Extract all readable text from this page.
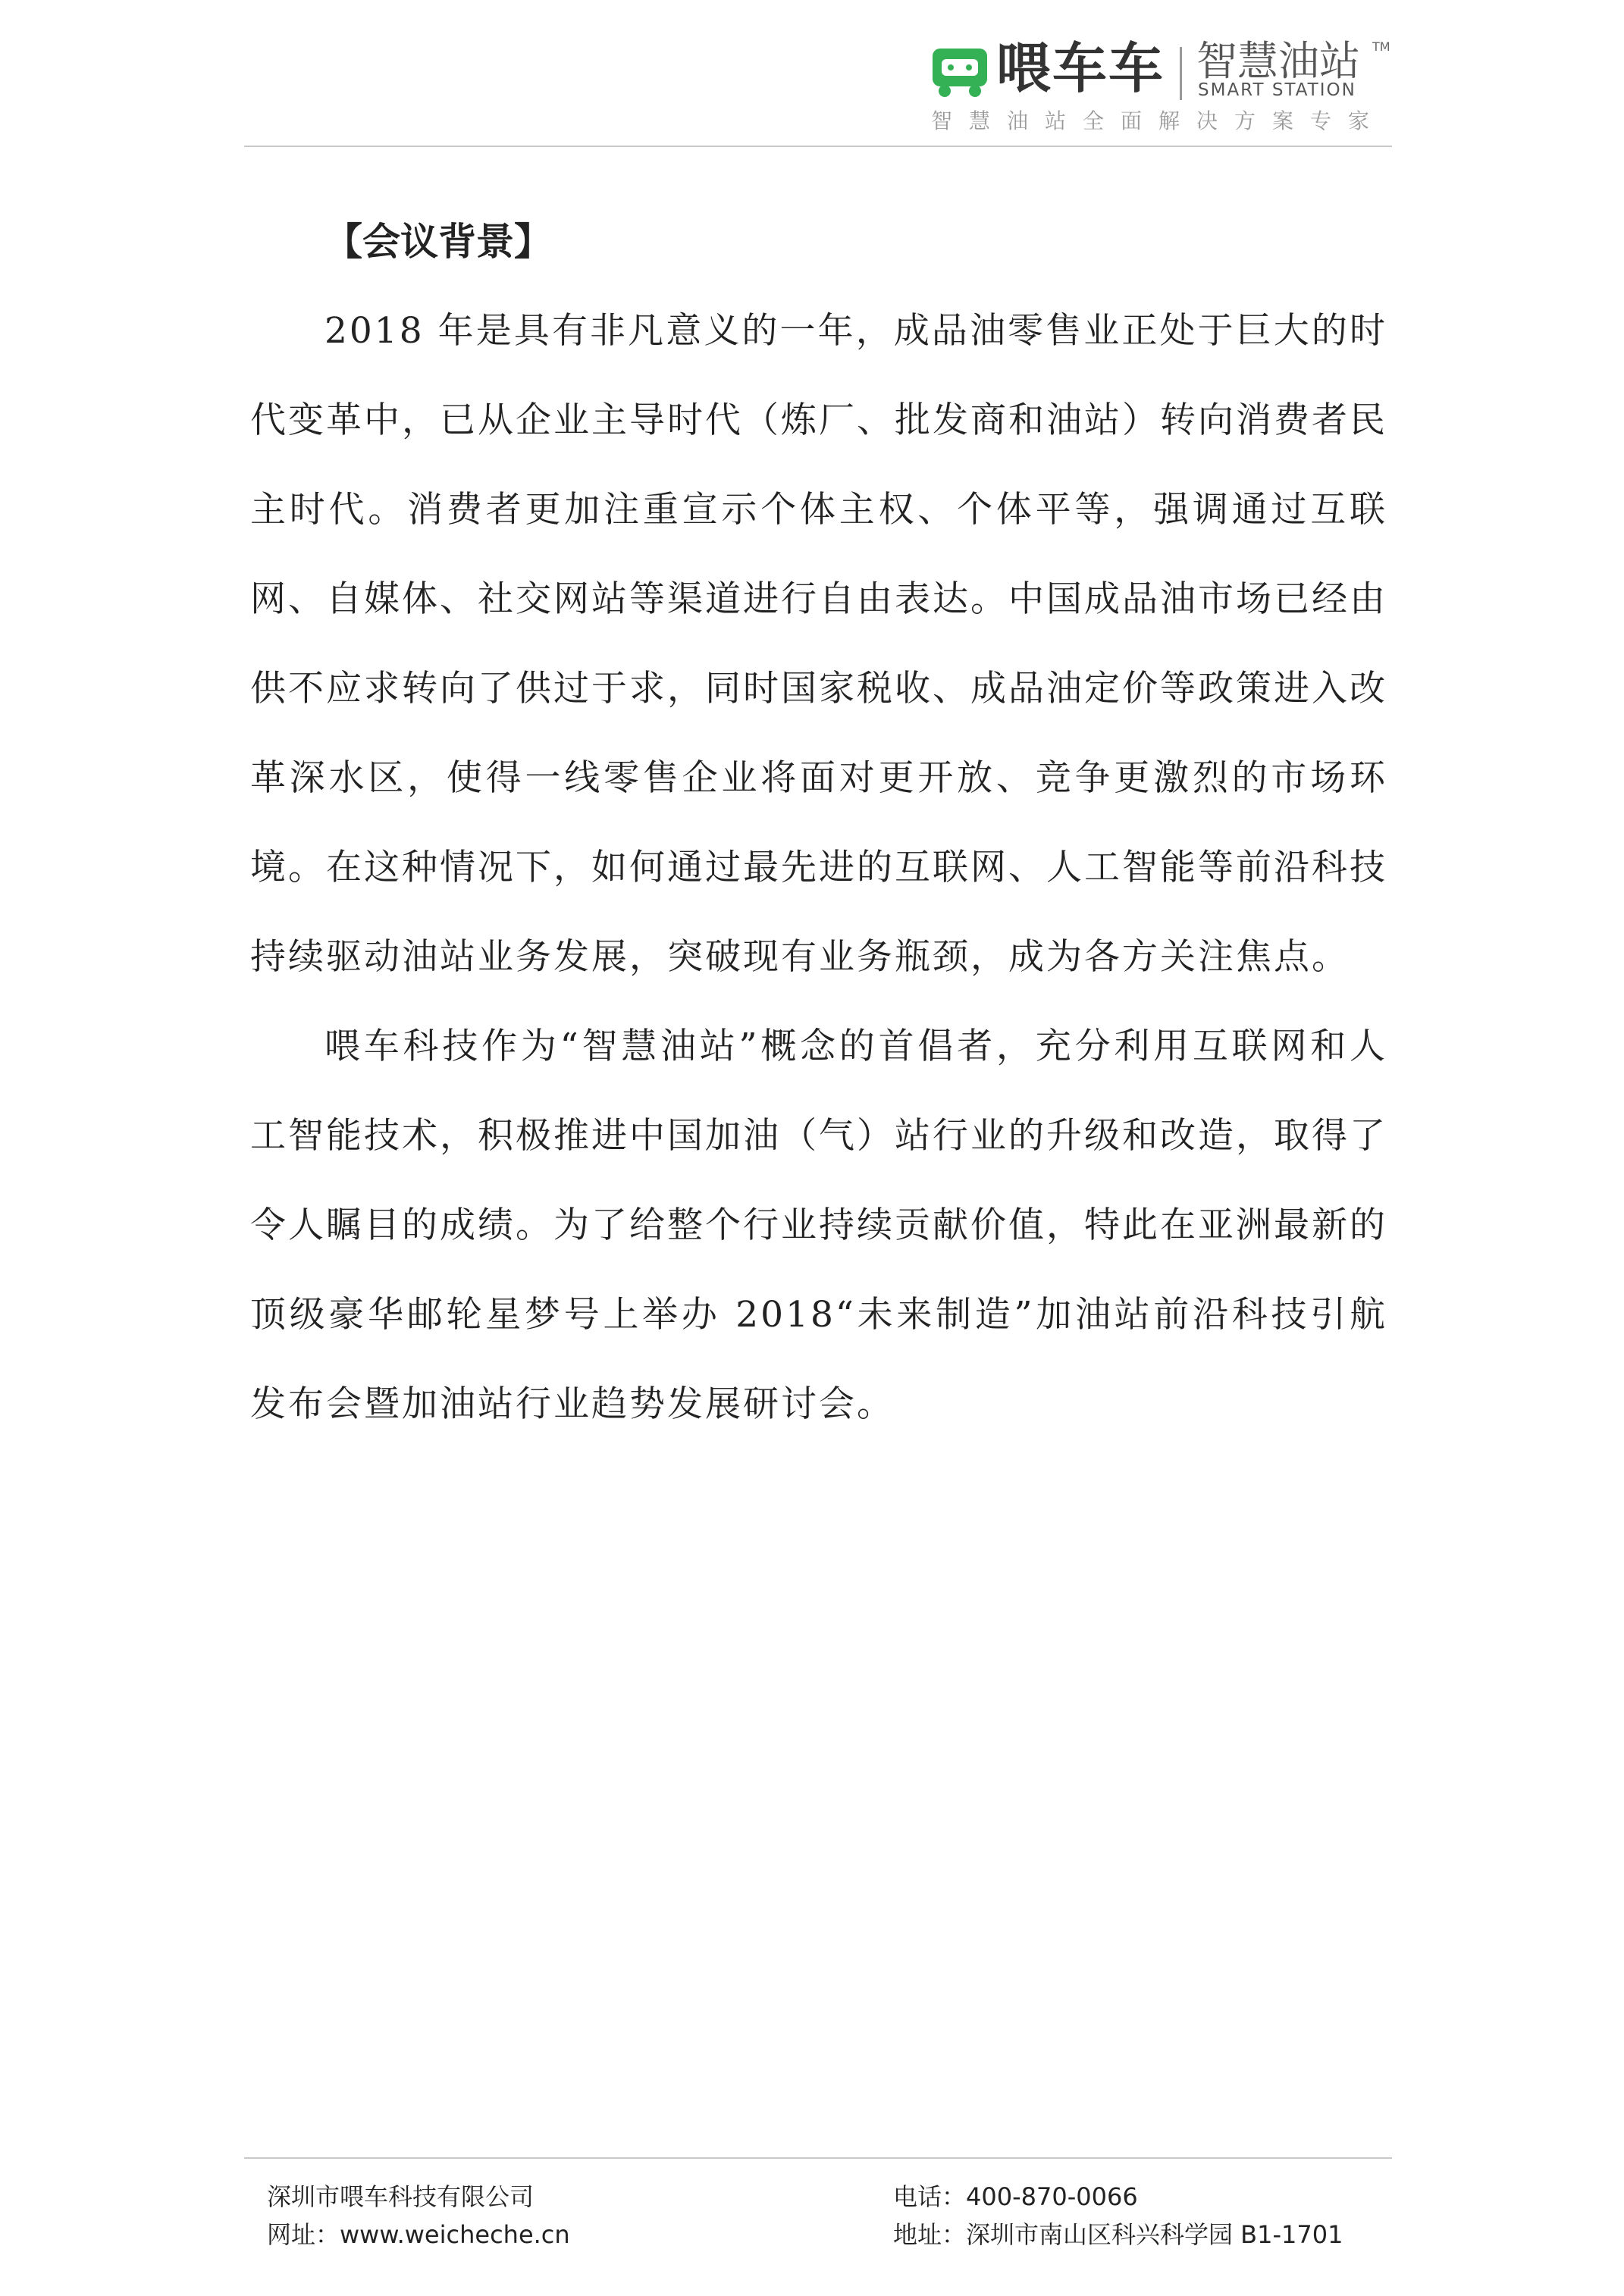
喂车车 智慧油站 TM
SMART STATION
智慧油站全面解决方案专家

【会议背景】

2018 年是具有非凡意义的一年，成品油零售业正处于巨大的时代变革中，已从企业主导时代（炼厂、批发商和油站）转向消费者民主时代。消费者更加注重宣示个体主权、个体平等，强调通过互联网、自媒体、社交网站等渠道进行自由表达。中国成品油市场已经由供不应求转向了供过于求，同时国家税收、成品油定价等政策进入改革深水区，使得一线零售企业将面对更开放、竞争更激烈的市场环境。在这种情况下，如何通过最先进的互联网、人工智能等前沿科技持续驱动油站业务发展，突破现有业务瓶颈，成为各方关注焦点。

喂车科技作为“智慧油站”概念的首倡者，充分利用互联网和人工智能技术，积极推进中国加油（气）站行业的升级和改造，取得了令人瞩目的成绩。为了给整个行业持续贡献价值，特此在亚洲最新的顶级豪华邮轮星梦号上举办 2018“未来制造”加油站前沿科技引航发布会暨加油站行业趋势发展研讨会。

深圳市喂车科技有限公司
网址：www.weicheche.cn
电话：400-870-0066
地址：深圳市南山区科兴科学园 B1-1701
